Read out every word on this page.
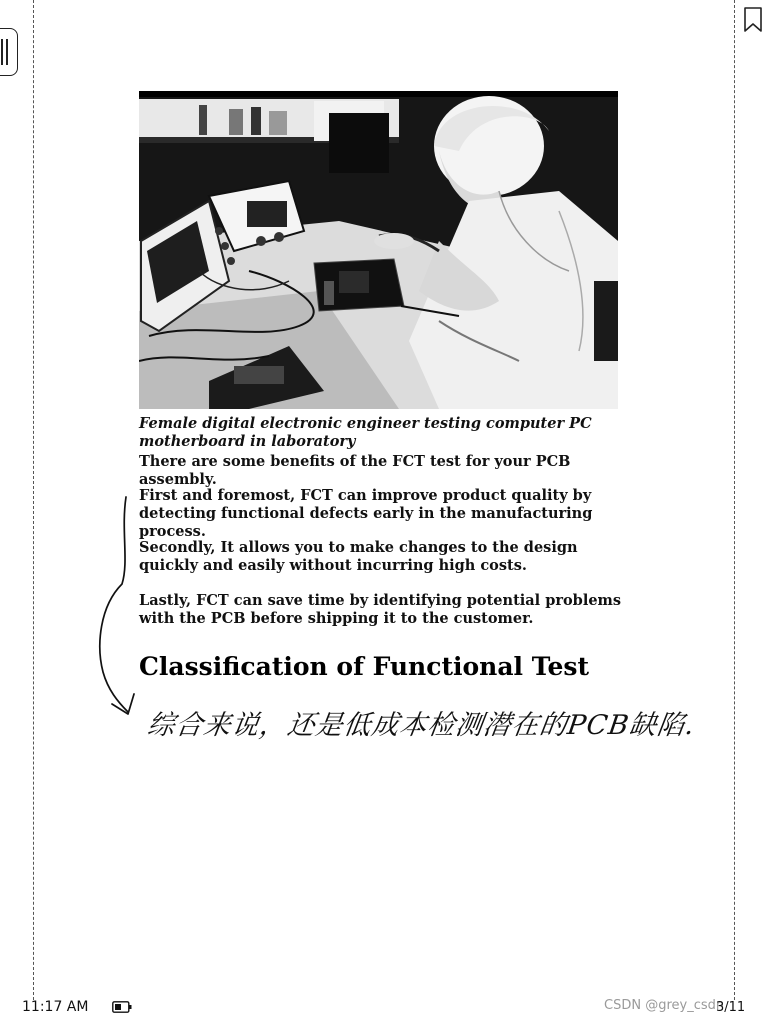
Female digital electronic engineer testing computer PC motherboard in laboratory
There are some benefits of the FCT test for your PCB assembly.
First and foremost, FCT can improve product quality by detecting functional defects early in the manufacturing process.
Secondly, It allows you to make changes to the design quickly and easily without incurring high costs.
Lastly, FCT can save time by identifying potential problems with the PCB before shipping it to the customer.
Classification of Functional Test
综合来说，还是低成本检测潜在的PCB缺陷.
11:17 AM	CSDN @grey_csdn
3/11
